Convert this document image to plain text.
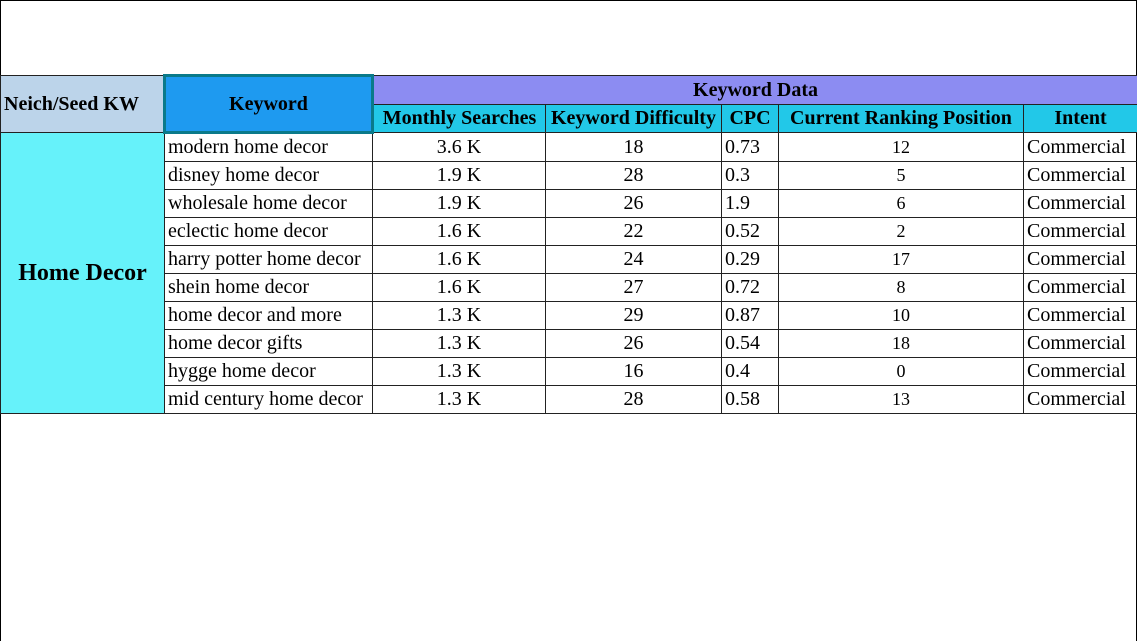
Neich/Seed KW	Keyword	Keyword Data				
		Monthly Searches	Keyword Difficulty	CPC	Current Ranking Position	Intent
Home Decor	modern home decor	3.6 K	18	0.73	12	Commercial
	disney home decor	1.9 K	28	0.3	5	Commercial
	wholesale home decor	1.9 K	26	1.9	6	Commercial
	eclectic home decor	1.6 K	22	0.52	2	Commercial
	harry potter home decor	1.6 K	24	0.29	17	Commercial
	shein home decor	1.6 K	27	0.72	8	Commercial
	home decor and more	1.3 K	29	0.87	10	Commercial
	home decor gifts	1.3 K	26	0.54	18	Commercial
	hygge home decor	1.3 K	16	0.4	0	Commercial
	mid century home decor	1.3 K	28	0.58	13	Commercial
